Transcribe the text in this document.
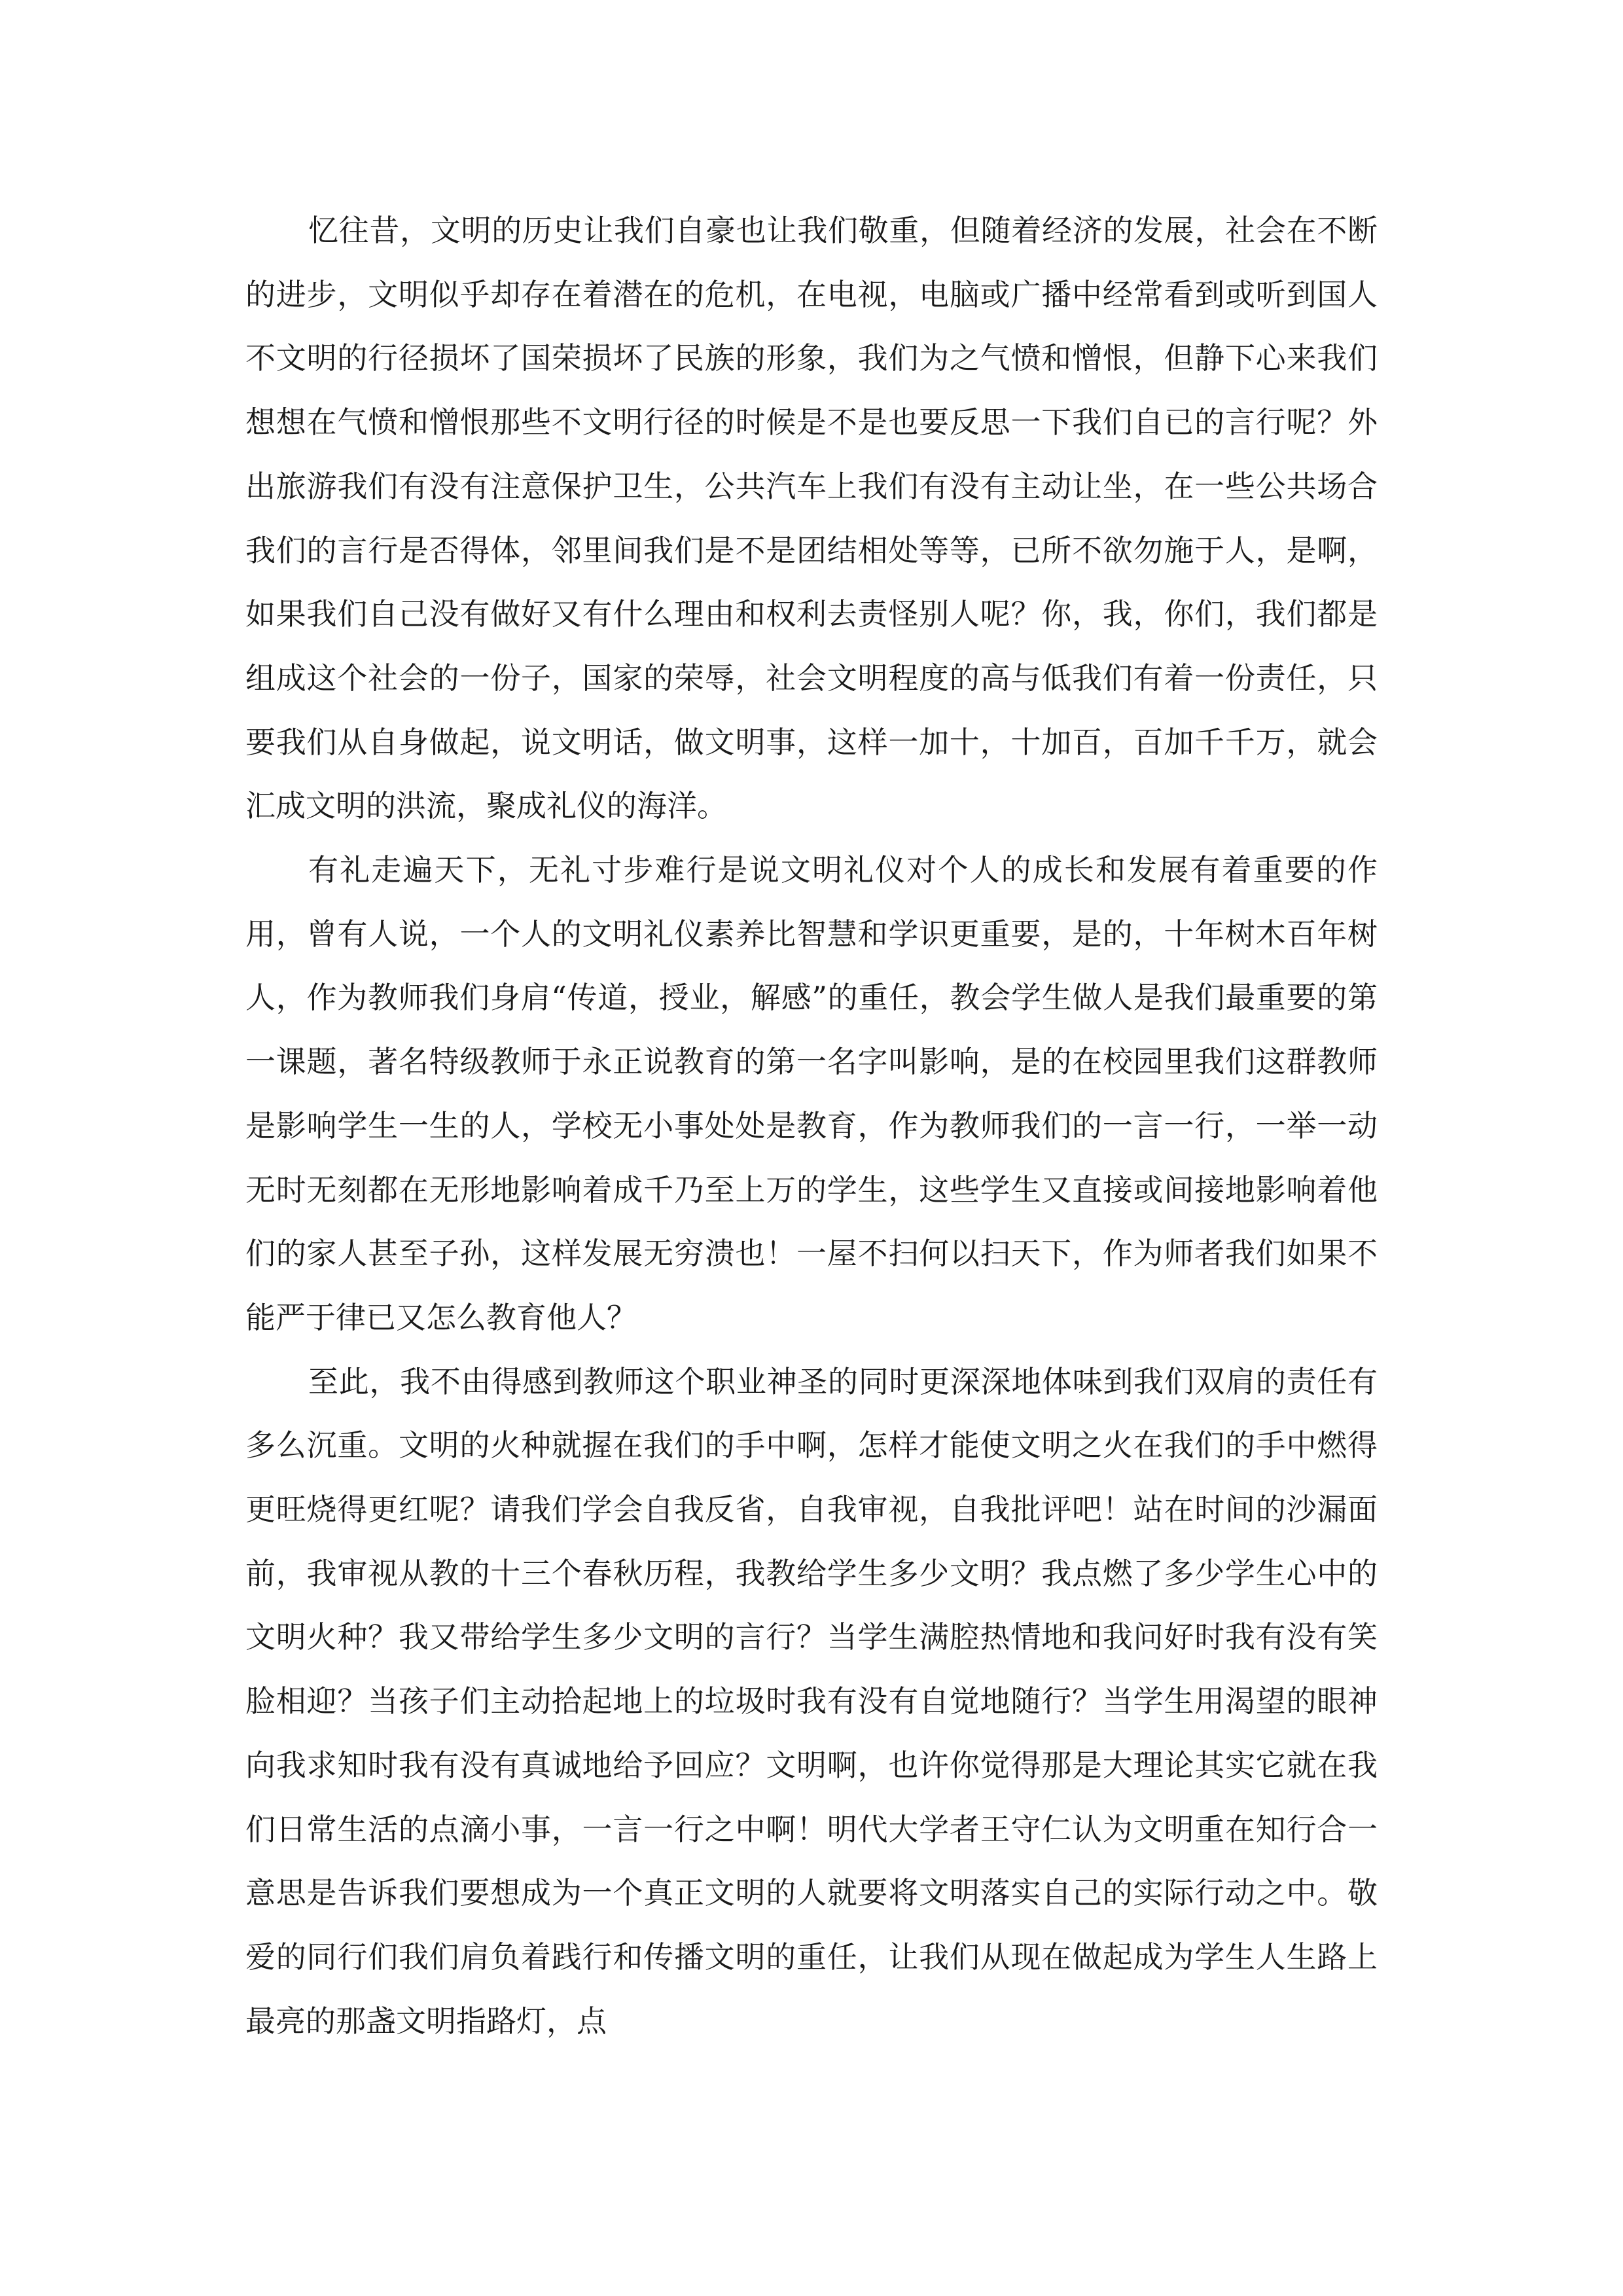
忆往昔，文明的历史让我们自豪也让我们敬重，但随着经济的发展，社会在不断的进步，文明似乎却存在着潜在的危机，在电视，电脑或广播中经常看到或听到国人不文明的行径损坏了国荣损坏了民族的形象，我们为之气愤和憎恨，但静下心来我们想想在气愤和憎恨那些不文明行径的时候是不是也要反思一下我们自已的言行呢？外出旅游我们有没有注意保护卫生，公共汽车上我们有没有主动让坐，在一些公共场合我们的言行是否得体，邻里间我们是不是团结相处等等，已所不欲勿施于人，是啊，如果我们自己没有做好又有什么理由和权利去责怪别人呢？你，我，你们，我们都是组成这个社会的一份子，国家的荣辱，社会文明程度的高与低我们有着一份责任，只要我们从自身做起，说文明话，做文明事，这样一加十，十加百，百加千千万，就会汇成文明的洪流，聚成礼仪的海洋。

有礼走遍天下，无礼寸步难行是说文明礼仪对个人的成长和发展有着重要的作用，曾有人说，一个人的文明礼仪素养比智慧和学识更重要，是的，十年树木百年树人，作为教师我们身肩“传道，授业，解感”的重任，教会学生做人是我们最重要的第一课题，著名特级教师于永正说教育的第一名字叫影响，是的在校园里我们这群教师是影响学生一生的人，学校无小事处处是教育，作为教师我们的一言一行，一举一动无时无刻都在无形地影响着成千乃至上万的学生，这些学生又直接或间接地影响着他们的家人甚至子孙，这样发展无穷溃也！一屋不扫何以扫天下，作为师者我们如果不能严于律已又怎么教育他人？

至此，我不由得感到教师这个职业神圣的同时更深深地体味到我们双肩的责任有多么沉重。文明的火种就握在我们的手中啊，怎样才能使文明之火在我们的手中燃得更旺烧得更红呢？请我们学会自我反省，自我审视，自我批评吧！站在时间的沙漏面前，我审视从教的十三个春秋历程，我教给学生多少文明？我点燃了多少学生心中的文明火种？我又带给学生多少文明的言行？当学生满腔热情地和我问好时我有没有笑脸相迎？当孩子们主动拾起地上的垃圾时我有没有自觉地随行？当学生用渴望的眼神向我求知时我有没有真诚地给予回应？文明啊，也许你觉得那是大理论其实它就在我们日常生活的点滴小事，一言一行之中啊！明代大学者王守仁认为文明重在知行合一意思是告诉我们要想成为一个真正文明的人就要将文明落实自己的实际行动之中。敬爱的同行们我们肩负着践行和传播文明的重任，让我们从现在做起成为学生人生路上最亮的那盏文明指路灯，点
